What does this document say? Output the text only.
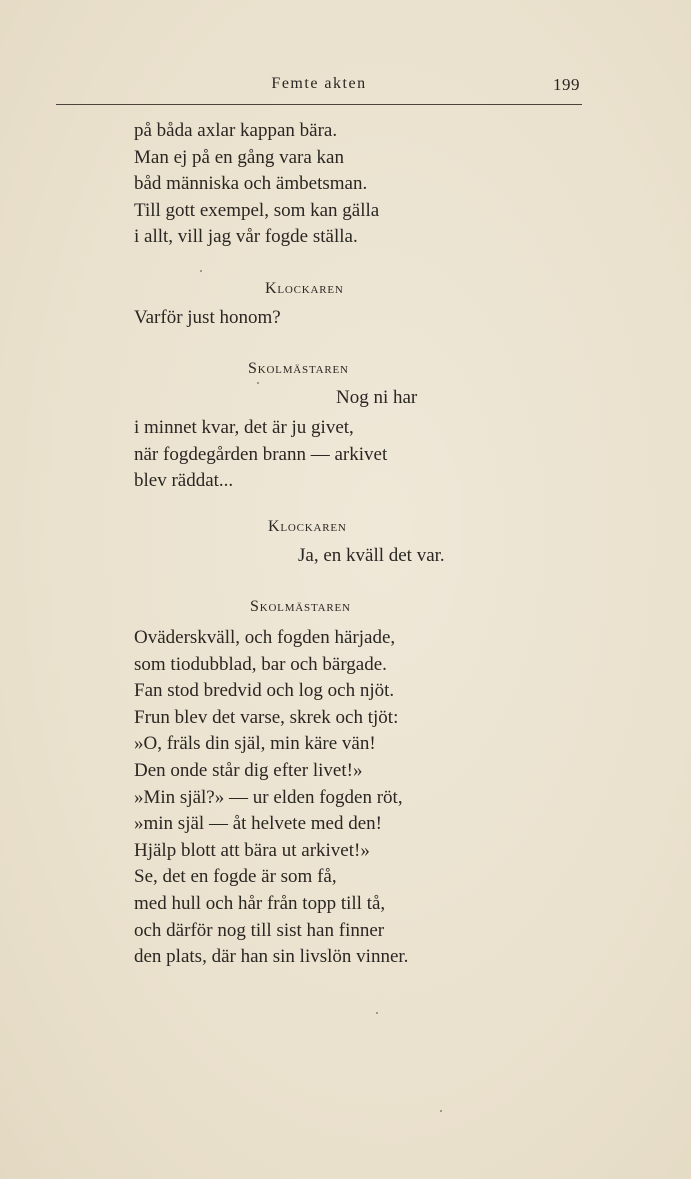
Femte akten	199
på båda axlar kappan bära.
Man ej på en gång vara kan
båd människa och ämbetsman.
Till gott exempel, som kan gälla
i allt, vill jag vår fogde ställa.
Klockaren
Varför just honom?
Skolmästaren
Nog ni har
i minnet kvar, det är ju givet,
när fogdegården brann — arkivet
blev räddat...
Klockaren
Ja, en kväll det var.
Skolmästaren
Oväderskväll, och fogden härjade,
som tiodubblad, bar och bärgade.
Fan stod bredvid och log och njöt.
Frun blev det varse, skrek och tjöt:
»O, fräls din själ, min käre vän!
Den onde står dig efter livet!»
»Min själ?» — ur elden fogden röt,
»min själ — åt helvete med den!
Hjälp blott att bära ut arkivet!»
Se, det en fogde är som få,
med hull och hår från topp till tå,
och därför nog till sist han finner
den plats, där han sin livslön vinner.
